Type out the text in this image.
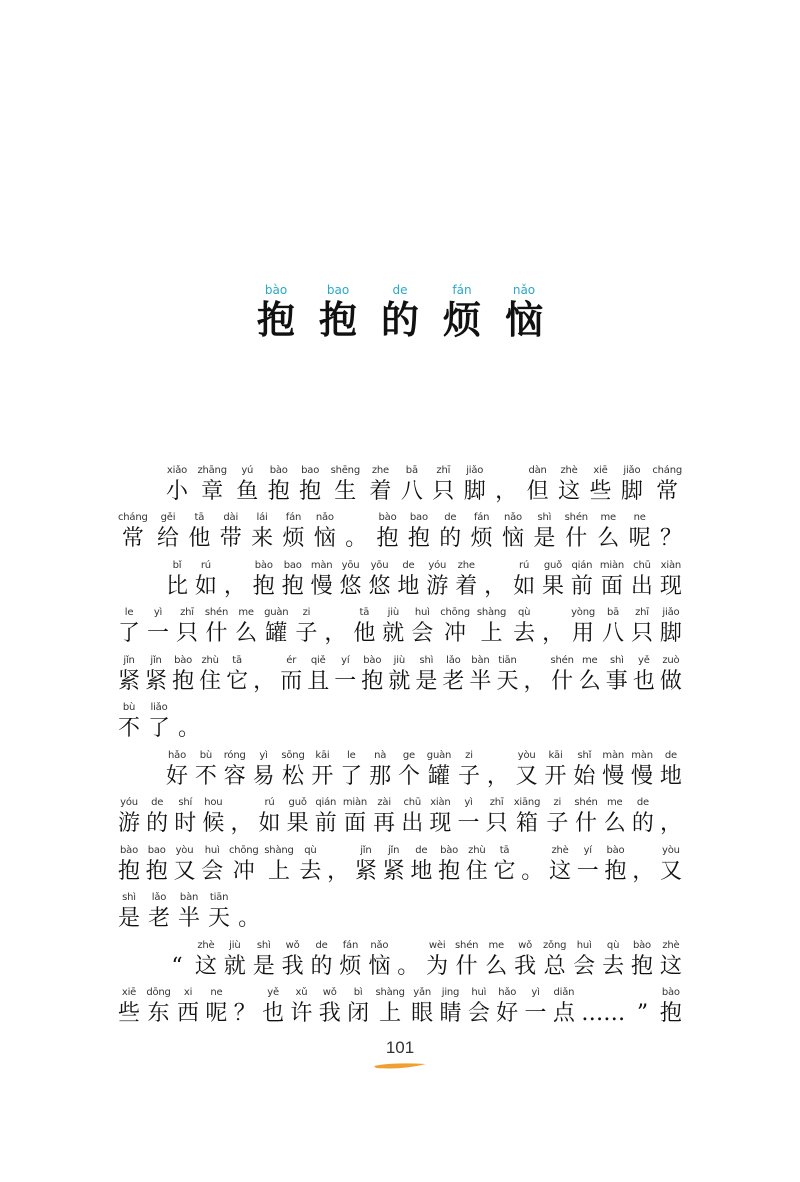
bào
抱
bao
抱
de
的
fán
烦
nǎo
恼
xiǎo
小
zhāng
章
yú
鱼
bào
抱
bao
抱
shēng
生
zhe
着
bā
八
zhī
只
jiǎo
脚 ，
dàn
但
zhè
这
xiē
些
jiǎo
脚
cháng
常
cháng
常
gěi
给
tā
他
dài
带
lái
来
fán
烦
nǎo
恼 。
bào
抱
bao
抱
de
的
fán
烦
nǎo
恼
shì
是
shén
什
me
么
ne
呢 ？
bǐ
比
rú
如 ，
bào
抱
bao
抱
màn
慢
yōu
悠
yōu
悠
de
地
yóu
游
zhe
着 ，
rú
如
guǒ
果
qián
前
miàn
面
chū
出
xiàn
现
le
了
yì
一
zhī
只
shén
什
me
么
guàn
罐
zi
子 ，
tā
他
jiù
就
huì
会
chōng
冲
shàng
上
qù
去 ，
yòng
用
bā
八
zhī
只
jiǎo
脚
jǐn
紧
jǐn
紧
bào
抱
zhù
住
tā
它 ，
ér
而
qiě
且
yí
一
bào
抱
jiù
就
shì
是
lǎo
老
bàn
半
tiān
天 ，
shén
什
me
么
shì
事
yě
也
zuò
做
bù
不
liǎo
了 。
hǎo
好
bù
不
róng
容
yì
易
sōng
松
kāi
开
le
了
nà
那
ge
个
guàn
罐
zi
子 ，
yòu
又
kāi
开
shǐ
始
màn
慢
màn
慢
de
地
yóu
游
de
的
shí
时
hou
候 ，
rú
如
guǒ
果
qián
前
miàn
面
zài
再
chū
出
xiàn
现
yì
一
zhī
只
xiāng
箱
zi
子
shén
什
me
么
de
的 ，
bào
抱
bao
抱
yòu
又
huì
会
chōng
冲
shàng
上
qù
去 ，
jǐn
紧
jǐn
紧
de
地
bào
抱
zhù
住
tā
它 。
zhè
这
yí
一
bào
抱 ，
yòu
又
shì
是
lǎo
老
bàn
半
tiān
天 。
“
zhè
这
jiù
就
shì
是
wǒ
我
de
的
fán
烦
nǎo
恼 。
wèi
为
shén
什
me
么
wǒ
我
zǒng
总
huì
会
qù
去
bào
抱
zhè
这
xiē
些
dōng
东
xi
西
ne
呢 ？
yě
也
xǔ
许
wǒ
我
bì
闭
shàng
上
yǎn
眼
jing
睛
huì
会
hǎo
好
yì
一
diǎn
点 …… ”
bào
抱
101
